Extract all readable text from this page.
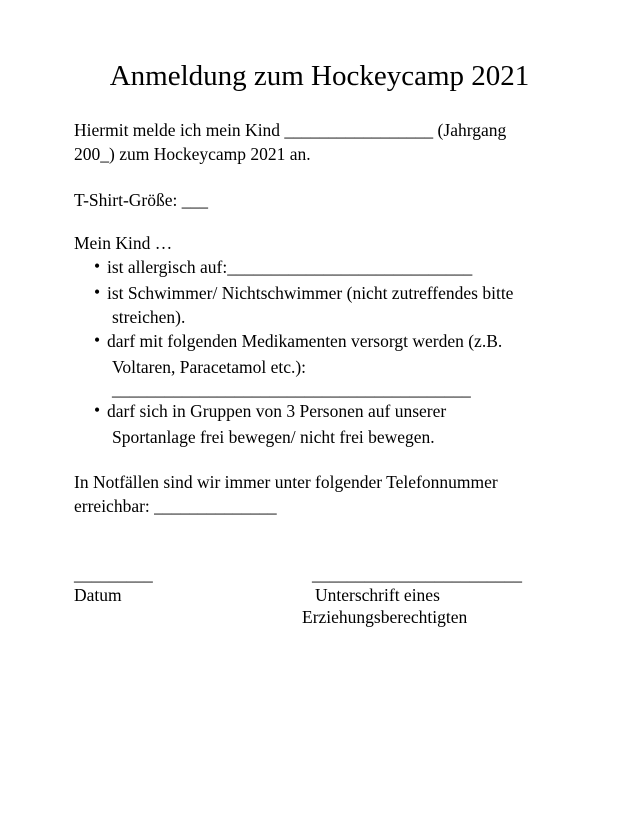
Anmeldung zum Hockeycamp 2021
Hiermit melde ich mein Kind _________________ (Jahrgang
200_) zum Hockeycamp 2021 an.
T-Shirt-Größe: ___
Mein Kind …
• ist allergisch auf:____________________________
• ist Schwimmer/ Nichtschwimmer (nicht zutreffendes bitte
streichen).
• darf mit folgenden Medikamenten versorgt werden (z.B.
Voltaren, Paracetamol etc.):
_________________________________________
• darf sich in Gruppen von 3 Personen auf unserer
Sportanlage frei bewegen/ nicht frei bewegen.
In Notfällen sind wir immer unter folgender Telefonnummer
erreichbar: ______________
_________
Datum
________________________
Unterschrift eines
Erziehungsberechtigten
